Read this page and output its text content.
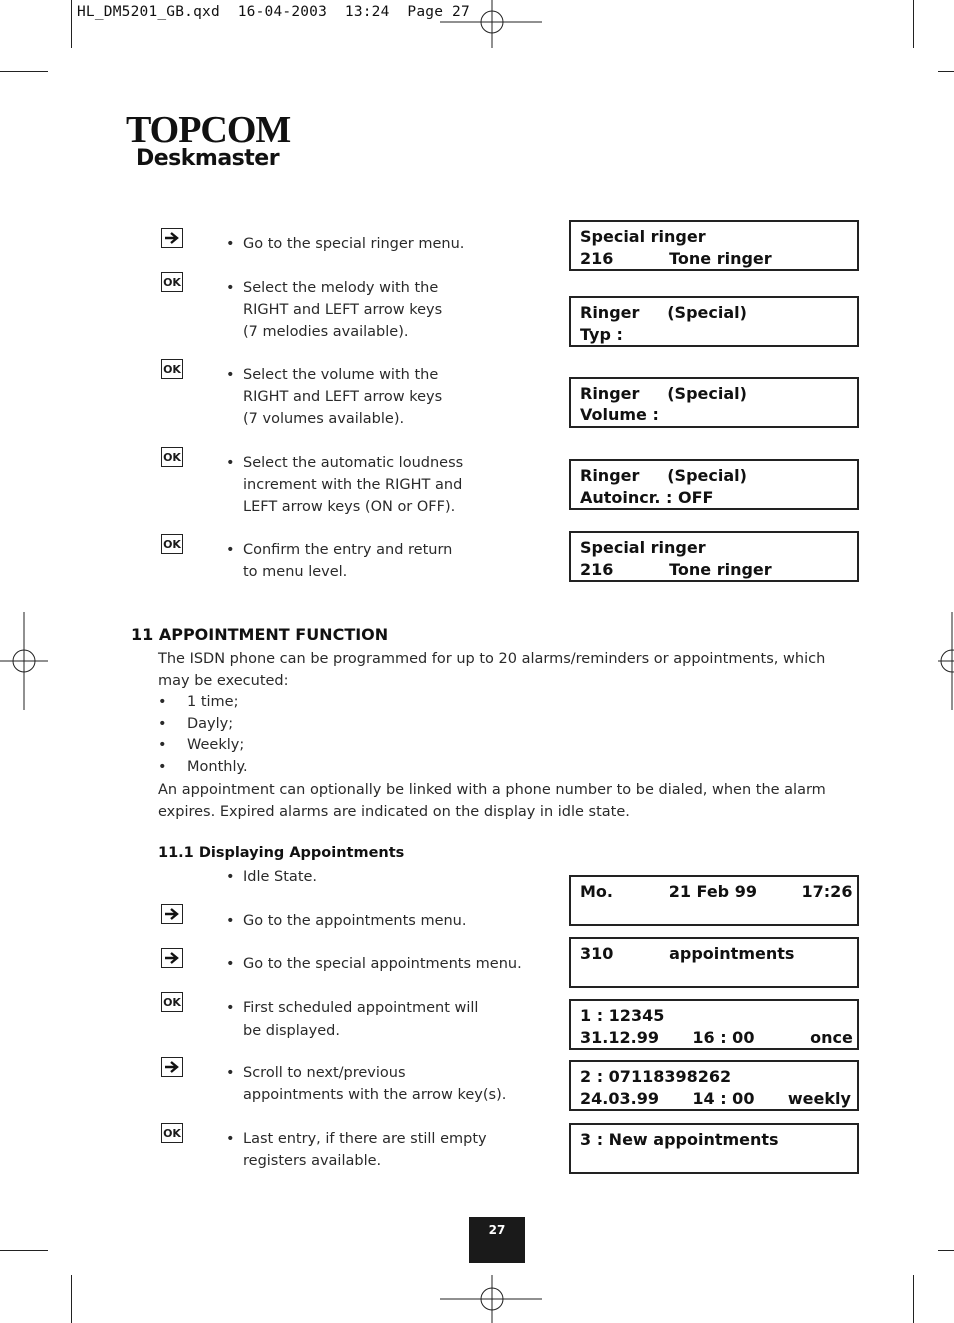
HL_DM5201_GB.qxd  16-04-2003  13:24  Page 27
TOPCOM
Deskmaster
OK
OK
OK
OK
• Go to the special ringer menu.
• Select the melody with the
RIGHT and LEFT arrow keys
(7 melodies available).
• Select the volume with the
RIGHT and LEFT arrow keys
(7 volumes available).
• Select the automatic loudness
increment with the RIGHT and
LEFT arrow keys (ON or OFF).
• Confirm the entry and return
to menu level.
Special ringer
216          Tone ringer
Ringer     (Special)
Typ :
Ringer     (Special)
Volume :
Ringer     (Special)
Autoincr. : OFF
Special ringer
216          Tone ringer
11 APPOINTMENT FUNCTION
The ISDN phone can be programmed for up to 20 alarms/reminders or appointments, which may be executed:
• 1 time;
• Dayly;
• Weekly;
• Monthly.
An appointment can optionally be linked with a phone number to be dialed, when the alarm expires. Expired alarms are indicated on the display in idle state.
11.1 Displaying Appointments
OK
OK
• Idle State.
• Go to the appointments menu.
• Go to the special appointments menu.
• First scheduled appointment will
be displayed.
• Scroll to next/previous
appointments with the arrow key(s).
• Last entry, if there are still empty
registers available.
Mo.          21 Feb 99        17:26
310          appointments
1 : 12345
31.12.99      16 : 00          once
2 : 07118398262
24.03.99      14 : 00      weekly
3 : New appointments
27
